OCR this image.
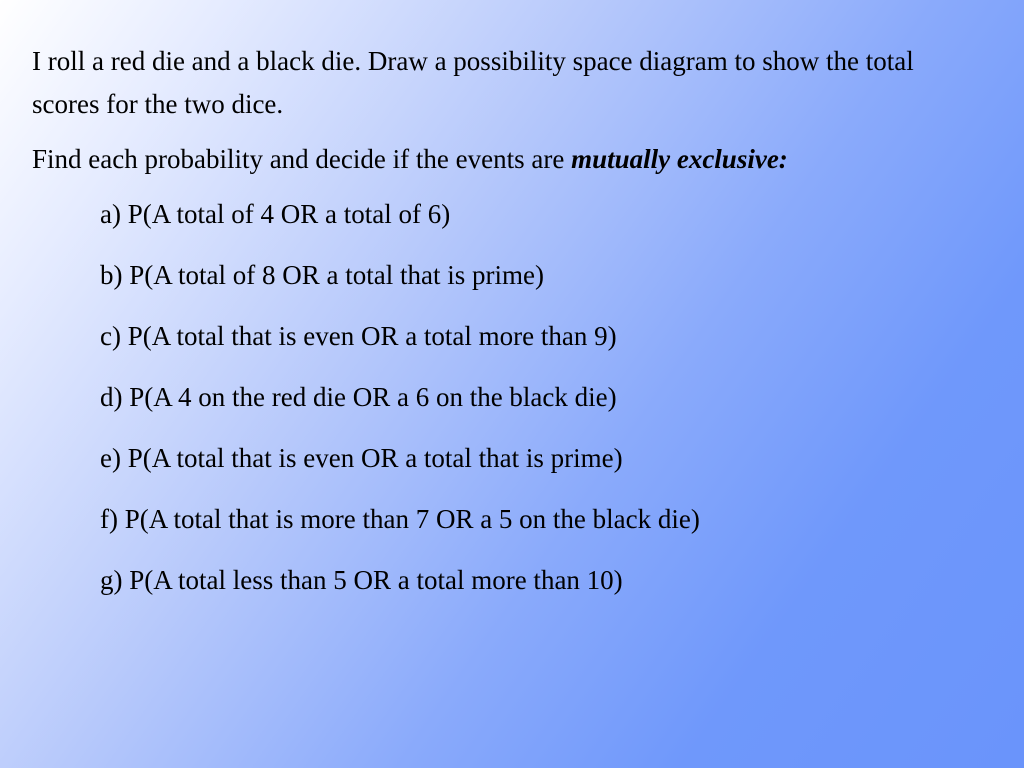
I roll a red die and a black die. Draw a possibility space diagram to show the total scores for the two dice.

Find each probability and decide if the events are mutually exclusive:

a) P(A total of 4 OR a total of 6)
b) P(A total of 8 OR a total that is prime)
c) P(A total that is even OR a total more than 9)
d) P(A 4 on the red die OR a 6 on the black die)
e) P(A total that is even OR a total that is prime)
f) P(A total that is more than 7 OR a 5 on the black die)
g) P(A total less than 5 OR a total more than 10)
